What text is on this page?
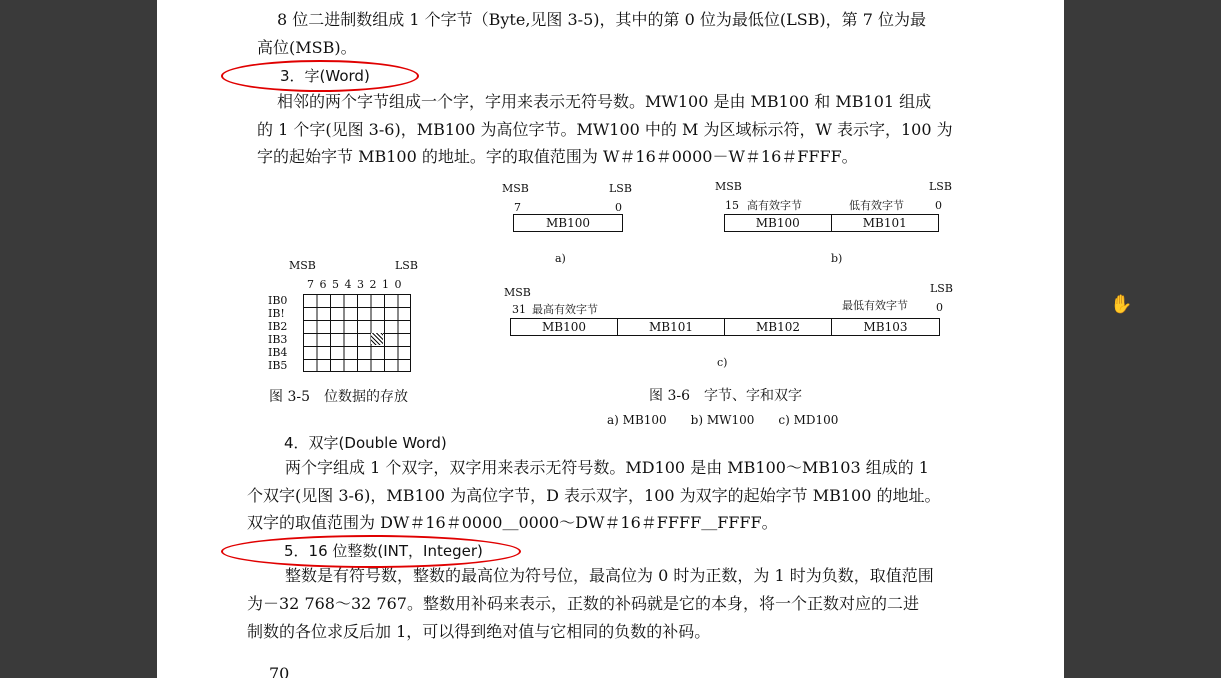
8 位二进制数组成 1 个字节（Byte,见图 3-5)，其中的第 0 位为最低位(LSB)，第 7 位为最
高位(MSB)。
3．字(Word)
相邻的两个字节组成一个字，字用来表示无符号数。MW100 是由 MB100 和 MB101 组成
的 1 个字(见图 3-6)，MB100 为高位字节。MW100 中的 M 为区域标示符，W 表示字，100 为
字的起始字节 MB100 的地址。字的取值范围为 W＃16＃0000－W＃16＃FFFF。
MSB	LSB
7	0
MB100
a)
MSB	LSB
15 高有效字节	低有效字节	0
MB100	MB101
b)
MSB	LSB
7 6 5 4 3 2 1 0
IB0
IB!
IB2
IB3
IB4
IB5
图 3-5　位数据的存放
MSB	LSB
31 最高有效字节	最低有效字节	0
MB100	MB101	MB102	MB103
c)
图 3-6　字节、字和双字
a) MB100　　b) MW100　　c) MD100
4．双字(Double Word)
两个字组成 1 个双字，双字用来表示无符号数。MD100 是由 MB100～MB103 组成的 1
个双字(见图 3-6)，MB100 为高位字节，D 表示双字，100 为双字的起始字节 MB100 的地址。
双字的取值范围为 DW＃16＃0000＿0000～DW＃16＃FFFF＿FFFF。
5．16 位整数(INT，Integer)
整数是有符号数，整数的最高位为符号位，最高位为 0 时为正数，为 1 时为负数，取值范围
为－32 768～32 767。整数用补码来表示，正数的补码就是它的本身，将一个正数对应的二进
制数的各位求反后加 1，可以得到绝对值与它相同的负数的补码。
70
✋
